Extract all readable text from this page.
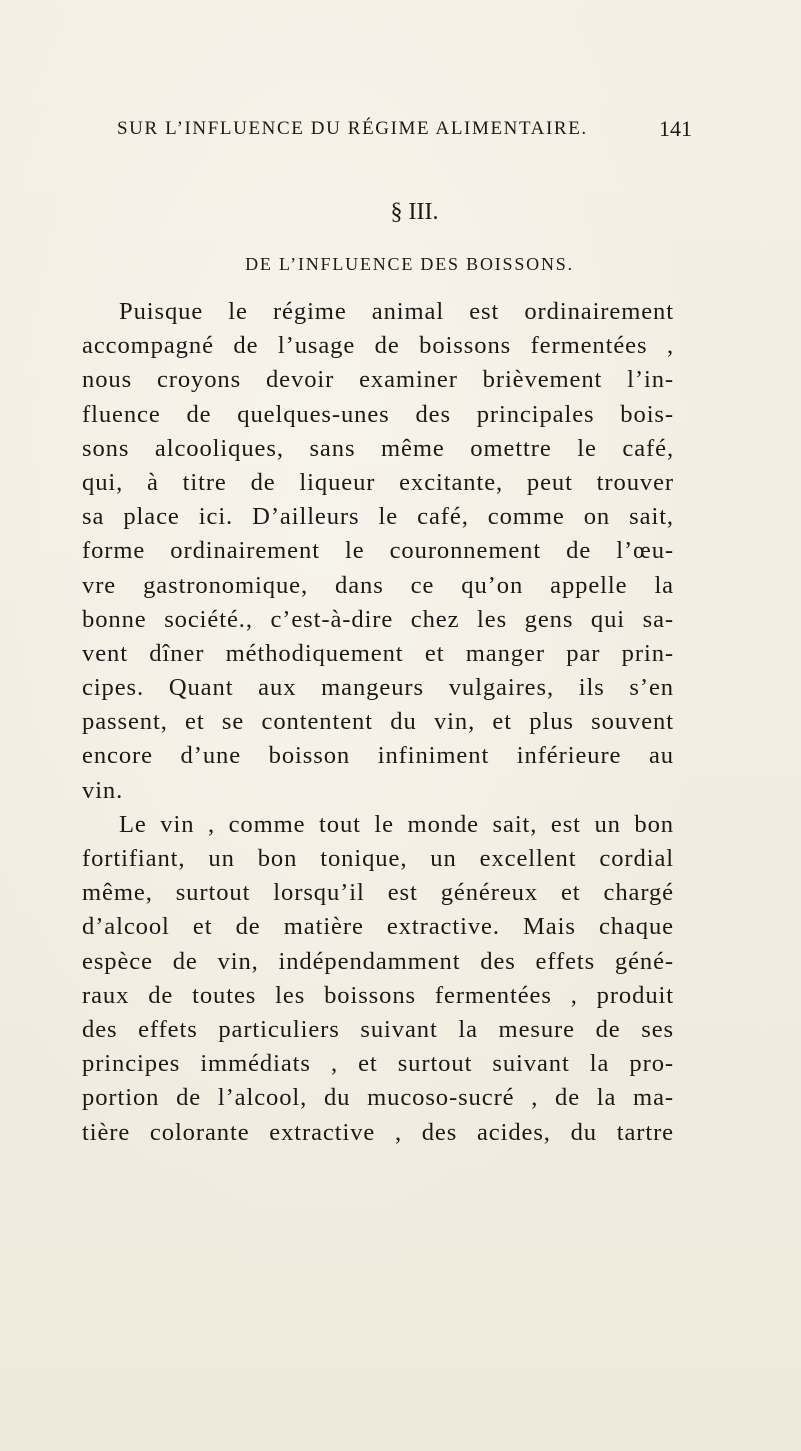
SUR L’INFLUENCE DU RÉGIME ALIMENTAIRE.	141
§ III.
DE L’INFLUENCE DES BOISSONS.
Puisque le régime animal est ordinairement
accompagné de l’usage de boissons fermentées ,
nous croyons devoir examiner brièvement l’in-
fluence de quelques-unes des principales bois-
sons alcooliques, sans même omettre le café,
qui, à titre de liqueur excitante, peut trouver
sa place ici. D’ailleurs le café, comme on sait,
forme ordinairement le couronnement de l’œu-
vre gastronomique, dans ce qu’on appelle la
bonne société., c’est-à-dire chez les gens qui sa-
vent dîner méthodiquement et manger par prin-
cipes. Quant aux mangeurs vulgaires, ils s’en
passent, et se contentent du vin, et plus souvent
encore d’une boisson infiniment inférieure au
vin.
Le vin , comme tout le monde sait, est un bon
fortifiant, un bon tonique, un excellent cordial
même, surtout lorsqu’il est généreux et chargé
d’alcool et de matière extractive. Mais chaque
espèce de vin, indépendamment des effets géné-
raux de toutes les boissons fermentées , produit
des effets particuliers suivant la mesure de ses
principes immédiats , et surtout suivant la pro-
portion de l’alcool, du mucoso-sucré , de la ma-
tière colorante extractive , des acides, du tartre
